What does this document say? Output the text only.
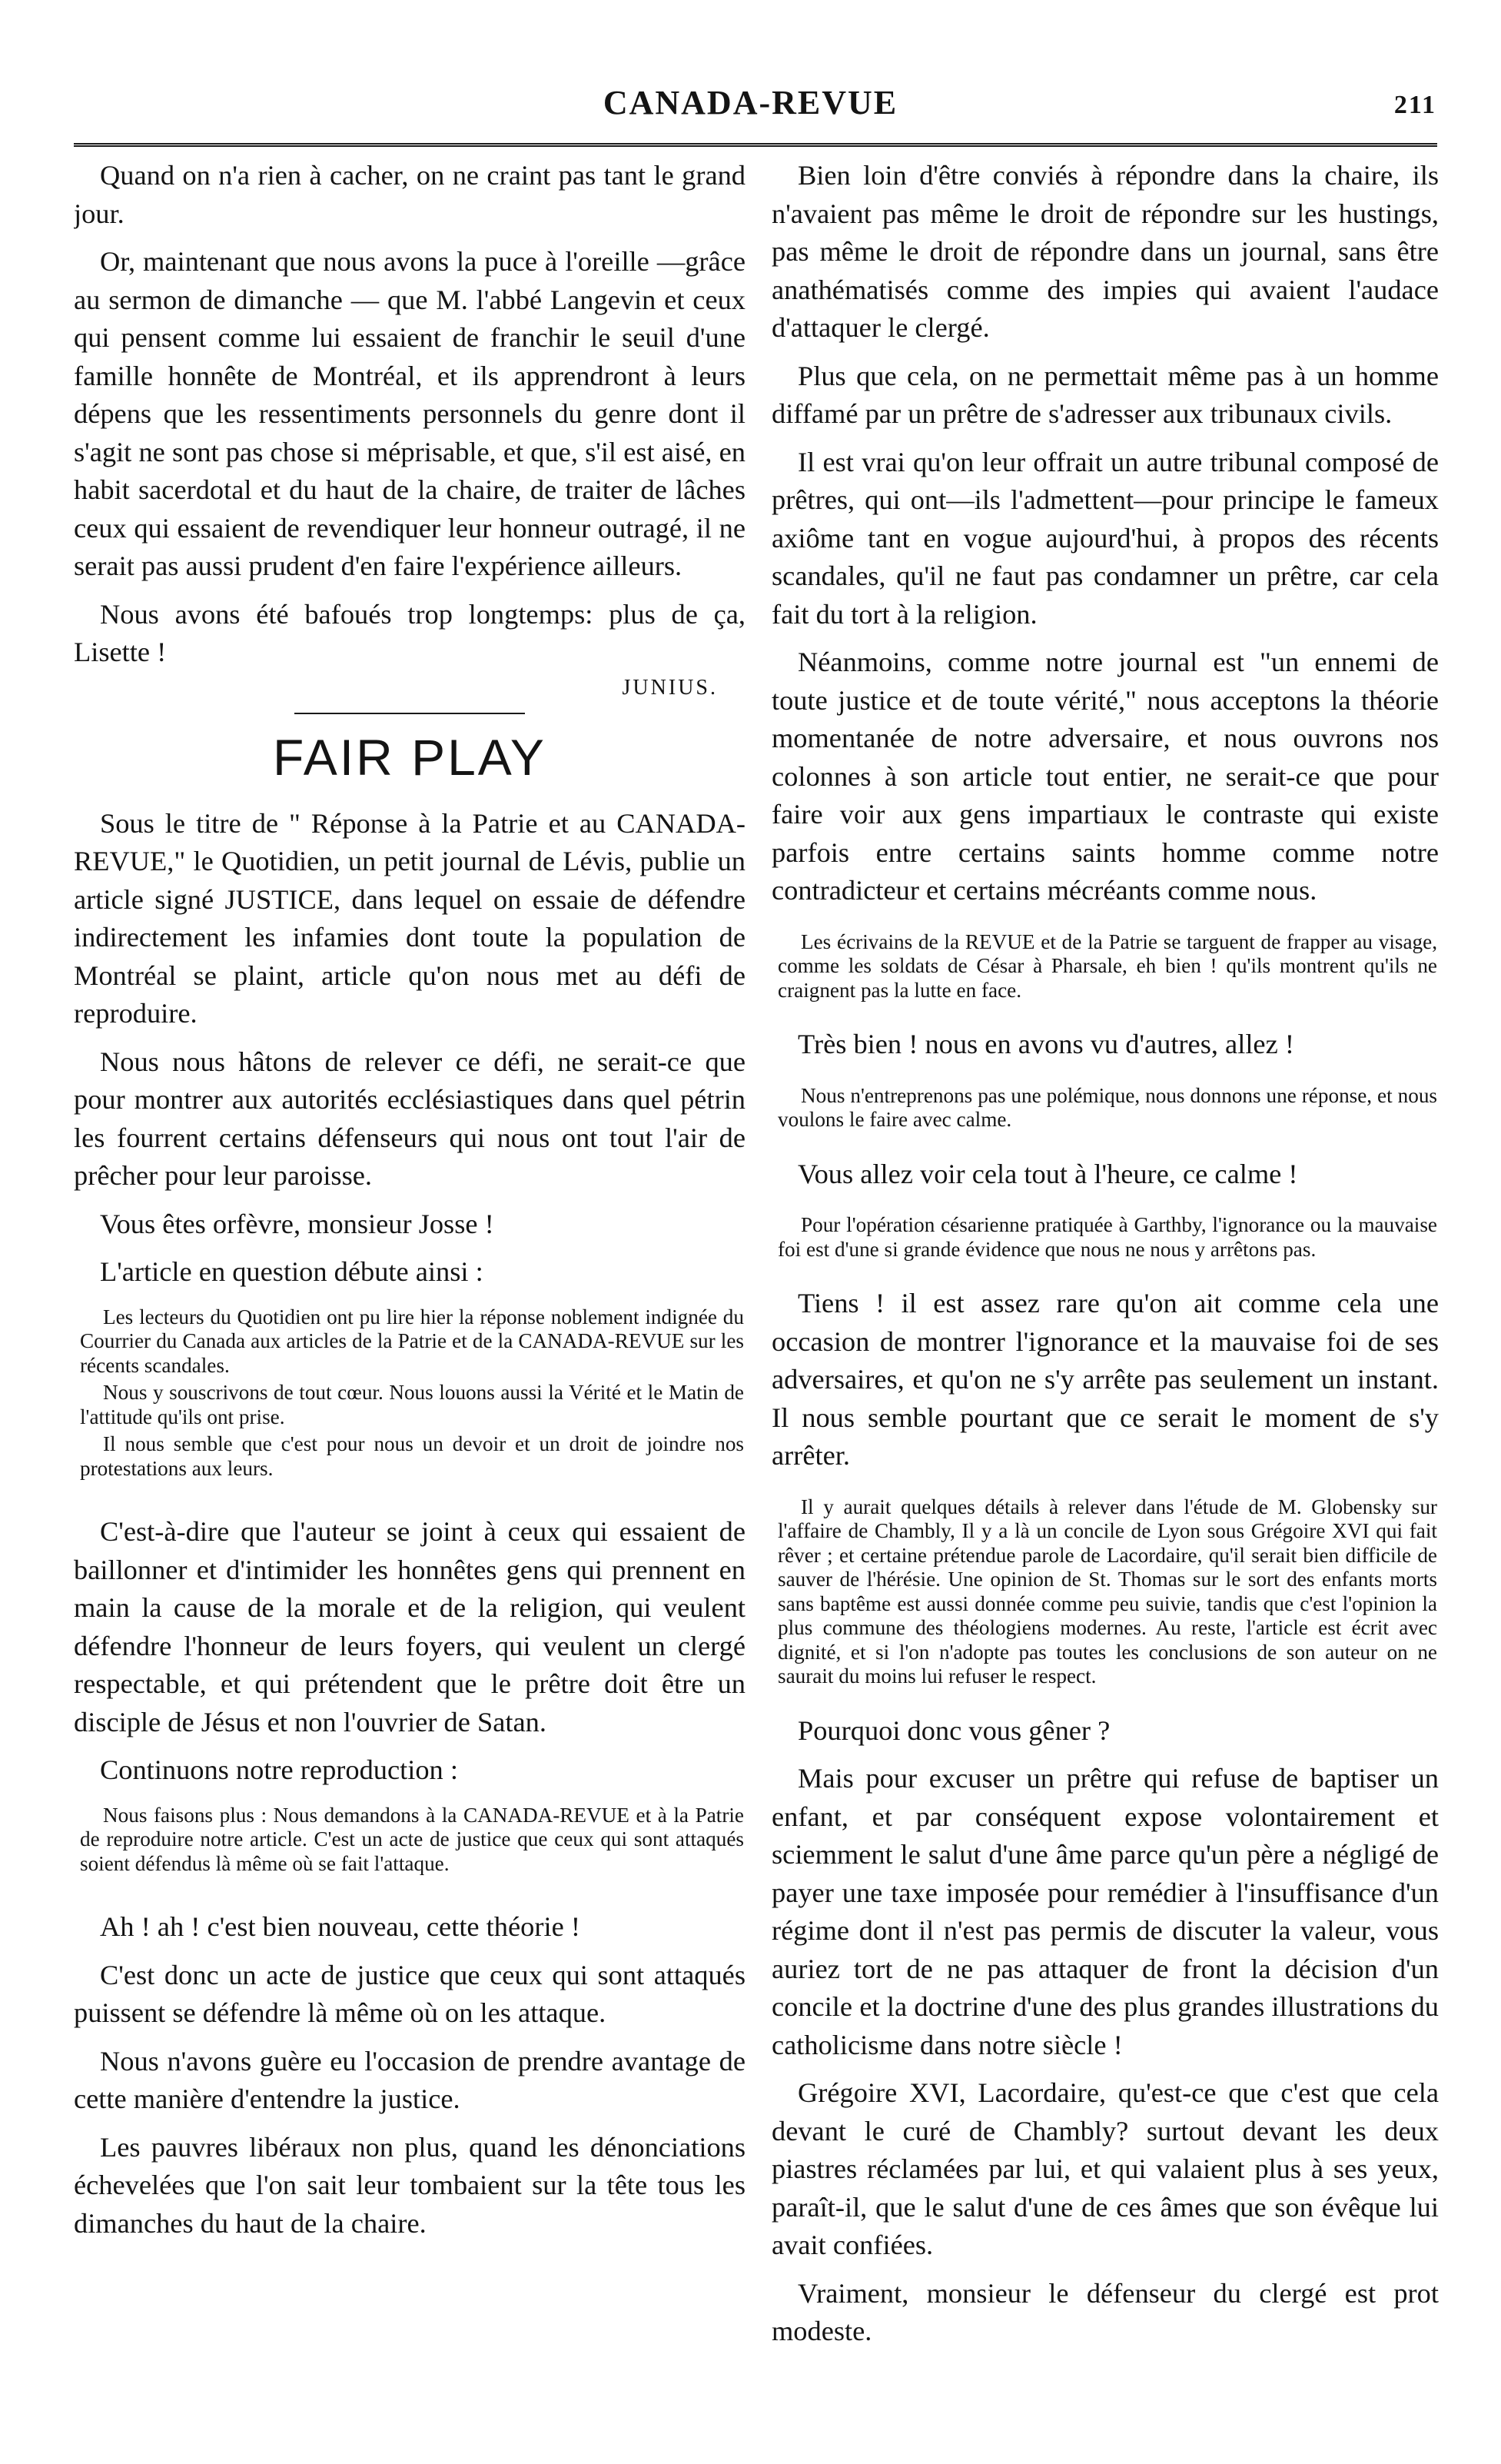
CANADA-REVUE	211

Quand on n'a rien à cacher, on ne craint pas tant le grand jour.

Or, maintenant que nous avons la puce à l'oreille —grâce au sermon de dimanche — que M. l'abbé Langevin et ceux qui pensent comme lui essaient de franchir le seuil d'une famille honnête de Montréal, et ils apprendront à leurs dépens que les ressentiments personnels du genre dont il s'agit ne sont pas chose si méprisable, et que, s'il est aisé, en habit sacerdotal et du haut de la chaire, de traiter de lâches ceux qui essaient de revendiquer leur honneur outragé, il ne serait pas aussi prudent d'en faire l'expérience ailleurs.

Nous avons été bafoués trop longtemps: plus de ça, Lisette !

JUNIUS.
FAIR PLAY

Sous le titre de " Réponse à la Patrie et au CANADA-REVUE," le Quotidien, un petit journal de Lévis, publie un article signé JUSTICE, dans lequel on essaie de défendre indirectement les infamies dont toute la population de Montréal se plaint, article qu'on nous met au défi de reproduire.

Nous nous hâtons de relever ce défi, ne serait-ce que pour montrer aux autorités ecclésiastiques dans quel pétrin les fourrent certains défenseurs qui nous ont tout l'air de prêcher pour leur paroisse.

Vous êtes orfèvre, monsieur Josse !

L'article en question débute ainsi :

Les lecteurs du Quotidien ont pu lire hier la réponse noblement indignée du Courrier du Canada aux articles de la Patrie et de la CANADA-REVUE sur les récents scandales.

Nous y souscrivons de tout cœur. Nous louons aussi la Vérité et le Matin de l'attitude qu'ils ont prise.

Il nous semble que c'est pour nous un devoir et un droit de joindre nos protestations aux leurs.

C'est-à-dire que l'auteur se joint à ceux qui essaient de baillonner et d'intimider les honnêtes gens qui prennent en main la cause de la morale et de la religion, qui veulent défendre l'honneur de leurs foyers, qui veulent un clergé respectable, et qui prétendent que le prêtre doit être un disciple de Jésus et non l'ouvrier de Satan.

Continuons notre reproduction :

Nous faisons plus : Nous demandons à la CANADA-REVUE et à la Patrie de reproduire notre article. C'est un acte de justice que ceux qui sont attaqués soient défendus là même où se fait l'attaque.

Ah ! ah ! c'est bien nouveau, cette théorie !

C'est donc un acte de justice que ceux qui sont attaqués puissent se défendre là même où on les attaque.

Nous n'avons guère eu l'occasion de prendre avantage de cette manière d'entendre la justice.

Les pauvres libéraux non plus, quand les dénonciations échevelées que l'on sait leur tombaient sur la tête tous les dimanches du haut de la chaire.

Bien loin d'être conviés à répondre dans la chaire, ils n'avaient pas même le droit de répondre sur les hustings, pas même le droit de répondre dans un journal, sans être anathématisés comme des impies qui avaient l'audace d'attaquer le clergé.

Plus que cela, on ne permettait même pas à un homme diffamé par un prêtre de s'adresser aux tribunaux civils.

Il est vrai qu'on leur offrait un autre tribunal composé de prêtres, qui ont—ils l'admettent—pour principe le fameux axiôme tant en vogue aujourd'hui, à propos des récents scandales, qu'il ne faut pas condamner un prêtre, car cela fait du tort à la religion.

Néanmoins, comme notre journal est "un ennemi de toute justice et de toute vérité," nous acceptons la théorie momentanée de notre adversaire, et nous ouvrons nos colonnes à son article tout entier, ne serait-ce que pour faire voir aux gens impartiaux le contraste qui existe parfois entre certains saints homme comme notre contradicteur et certains mécréants comme nous.

Les écrivains de la REVUE et de la Patrie se targuent de frapper au visage, comme les soldats de César à Pharsale, eh bien ! qu'ils montrent qu'ils ne craignent pas la lutte en face.

Très bien ! nous en avons vu d'autres, allez !

Nous n'entreprenons pas une polémique, nous donnons une réponse, et nous voulons le faire avec calme.

Vous allez voir cela tout à l'heure, ce calme !

Pour l'opération césarienne pratiquée à Garthby, l'ignorance ou la mauvaise foi est d'une si grande évidence que nous ne nous y arrêtons pas.

Tiens ! il est assez rare qu'on ait comme cela une occasion de montrer l'ignorance et la mauvaise foi de ses adversaires, et qu'on ne s'y arrête pas seulement un instant. Il nous semble pourtant que ce serait le moment de s'y arrêter.

Il y aurait quelques détails à relever dans l'étude de M. Globensky sur l'affaire de Chambly, Il y a là un concile de Lyon sous Grégoire XVI qui fait rêver ; et certaine prétendue parole de Lacordaire, qu'il serait bien difficile de sauver de l'hérésie. Une opinion de St. Thomas sur le sort des enfants morts sans baptême est aussi donnée comme peu suivie, tandis que c'est l'opinion la plus commune des théologiens modernes. Au reste, l'article est écrit avec dignité, et si l'on n'adopte pas toutes les conclusions de son auteur on ne saurait du moins lui refuser le respect.

Pourquoi donc vous gêner ?

Mais pour excuser un prêtre qui refuse de baptiser un enfant, et par conséquent expose volontairement et sciemment le salut d'une âme parce qu'un père a négligé de payer une taxe imposée pour remédier à l'insuffisance d'un régime dont il n'est pas permis de discuter la valeur, vous auriez tort de ne pas attaquer de front la décision d'un concile et la doctrine d'une des plus grandes illustrations du catholicisme dans notre siècle !

Grégoire XVI, Lacordaire, qu'est-ce que c'est que cela devant le curé de Chambly? surtout devant les deux piastres réclamées par lui, et qui valaient plus à ses yeux, paraît-il, que le salut d'une de ces âmes que son évêque lui avait confiées.

Vraiment, monsieur le défenseur du clergé est prot modeste.
